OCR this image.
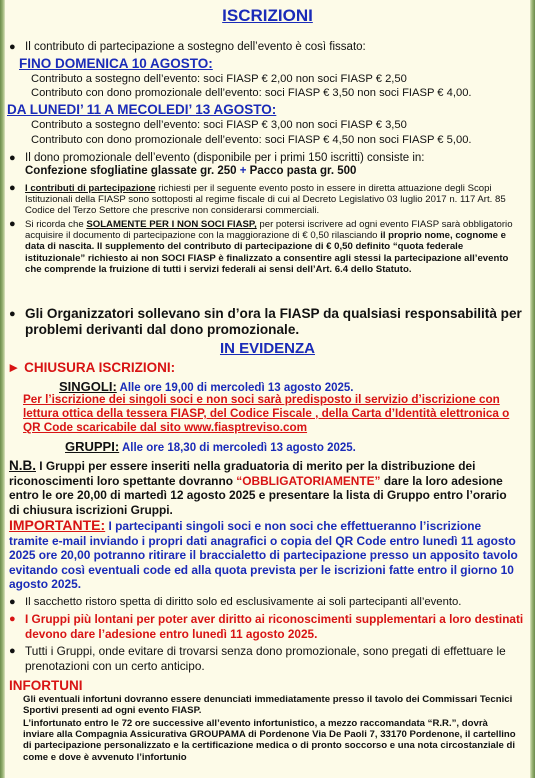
ISCRIZIONI
● Il contributo di partecipazione a sostegno dell’evento è così fissato:
FINO DOMENICA 10 AGOSTO:
Contributo a sostegno dell’evento: soci FIASP € 2,00 non soci FIASP € 2,50
Contributo con dono promozionale dell’evento: soci FIASP € 3,50 non soci FIASP € 4,00.
DA LUNEDI’ 11 A MECOLEDI’ 13 AGOSTO:
Contributo a sostegno dell’evento: soci FIASP € 3,00 non soci FIASP € 3,50
Contributo con dono promozionale dell’evento: soci FIASP € 4,50 non soci FIASP € 5,00.
● Il dono promozionale dell’evento (disponibile per i primi 150 iscritti) consiste in:
Confezione sfogliatine glassate gr. 250 + Pacco pasta gr. 500
● I contributi di partecipazione richiesti per il seguente evento posto in essere in diretta attuazione degli Scopi Istituzionali della FIASP sono sottoposti al regime fiscale di cui al Decreto Legislativo 03 luglio 2017 n. 117 Art. 85 Codice del Terzo Settore che prescrive non considerarsi commerciali.
● Si ricorda che SOLAMENTE PER I NON SOCI FIASP, per potersi iscrivere ad ogni evento FIASP sarà obbligatorio acquisire il documento di partecipazione con la maggiorazione di € 0,50 rilasciando il proprio nome, cognome e data di nascita. Il supplemento del contributo di partecipazione di € 0,50 definito “quota federale istituzionale” richiesto ai non SOCI FIASP è finalizzato a consentire agli stessi la partecipazione all’evento che comprende la fruizione di tutti i servizi federali ai sensi dell’Art. 6.4 dello Statuto.
● Gli Organizzatori sollevano sin d’ora la FIASP da qualsiasi responsabilità per problemi derivanti dal dono promozionale.
IN EVIDENZA
► CHIUSURA ISCRIZIONI:
SINGOLI: Alle ore 19,00 di mercoledì 13 agosto 2025.
Per l’iscrizione dei singoli soci e non soci sarà predisposto il servizio d’iscrizione con lettura ottica della tessera FIASP, del Codice Fiscale , della Carta d’Identità elettronica o QR Code scaricabile dal sito www.fiasptreviso.com
GRUPPI: Alle ore 18,30 di mercoledì 13 agosto 2025.
N.B. I Gruppi per essere inseriti nella graduatoria di merito per la distribuzione dei riconoscimenti loro spettante dovranno “OBBLIGATORIAMENTE” dare la loro adesione entro le ore 20,00 di martedì 12 agosto 2025 e presentare la lista di Gruppo entro l’orario di chiusura iscrizioni Gruppi.
IMPORTANTE: I partecipanti singoli soci e non soci che effettueranno l’iscrizione tramite e-mail inviando i propri dati anagrafici o copia del QR Code entro lunedì 11 agosto 2025 ore 20,00 potranno ritirare il braccialetto di partecipazione presso un apposito tavolo evitando così eventuali code ed alla quota prevista per le iscrizioni fatte entro il giorno 10 agosto 2025.
● Il sacchetto ristoro spetta di diritto solo ed esclusivamente ai soli partecipanti all’evento.
● I Gruppi più lontani per poter aver diritto ai riconoscimenti supplementari a loro destinati devono dare l’adesione entro lunedì 11 agosto 2025.
● Tutti i Gruppi, onde evitare di trovarsi senza dono promozionale, sono pregati di effettuare le prenotazioni con un certo anticipo.
INFORTUNI
Gli eventuali infortuni dovranno essere denunciati immediatamente presso il tavolo dei Commissari Tecnici Sportivi presenti ad ogni evento FIASP.
L’infortunato entro le 72 ore successive all’evento infortunistico, a mezzo raccomandata “R.R.”, dovrà inviare alla Compagnia Assicurativa GROUPAMA di Pordenone Via De Paoli 7, 33170 Pordenone, il cartellino di partecipazione personalizzato e la certificazione medica o di pronto soccorso e una nota circostanziale di come e dove è avvenuto l’infortunio
